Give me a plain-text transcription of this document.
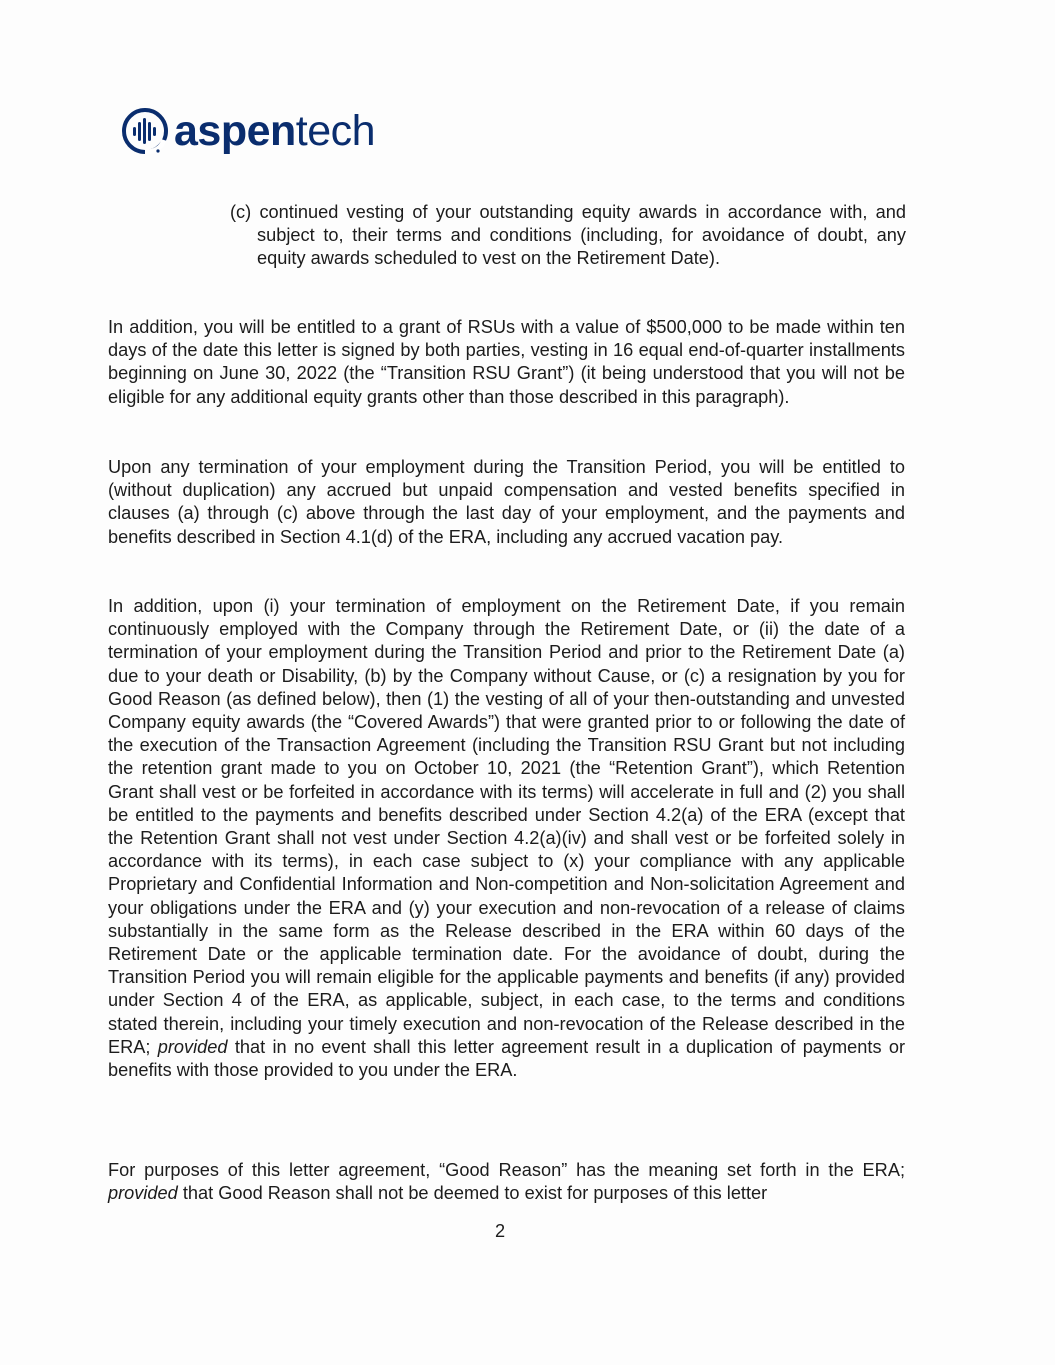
aspentech
(c) continued vesting of your outstanding equity awards in accordance with, and subject to, their terms and conditions (including, for avoidance of doubt, any equity awards scheduled to vest on the Retirement Date).
In addition, you will be entitled to a grant of RSUs with a value of $500,000 to be made within ten days of the date this letter is signed by both parties, vesting in 16 equal end-of-quarter installments beginning on June 30, 2022 (the “Transition RSU Grant”) (it being understood that you will not be eligible for any additional equity grants other than those described in this paragraph).
Upon any termination of your employment during the Transition Period, you will be entitled to (without duplication) any accrued but unpaid compensation and vested benefits specified in clauses (a) through (c) above through the last day of your employment, and the payments and benefits described in Section 4.1(d) of the ERA, including any accrued vacation pay.
In addition, upon (i) your termination of employment on the Retirement Date, if you remain continuously employed with the Company through the Retirement Date, or (ii) the date of a termination of your employment during the Transition Period and prior to the Retirement Date (a) due to your death or Disability, (b) by the Company without Cause, or (c) a resignation by you for Good Reason (as defined below), then (1) the vesting of all of your then-outstanding and unvested Company equity awards (the “Covered Awards”) that were granted prior to or following the date of the execution of the Transaction Agreement (including the Transition RSU Grant but not including the retention grant made to you on October 10, 2021 (the “Retention Grant”), which Retention Grant shall vest or be forfeited in accordance with its terms) will accelerate in full and (2) you shall be entitled to the payments and benefits described under Section 4.2(a) of the ERA (except that the Retention Grant shall not vest under Section 4.2(a)(iv) and shall vest or be forfeited solely in accordance with its terms), in each case subject to (x) your compliance with any applicable Proprietary and Confidential Information and Non-competition and Non-solicitation Agreement and your obligations under the ERA and (y) your execution and non-revocation of a release of claims substantially in the same form as the Release described in the ERA within 60 days of the Retirement Date or the applicable termination date. For the avoidance of doubt, during the Transition Period you will remain eligible for the applicable payments and benefits (if any) provided under Section 4 of the ERA, as applicable, subject, in each case, to the terms and conditions stated therein, including your timely execution and non-revocation of the Release described in the ERA; provided that in no event shall this letter agreement result in a duplication of payments or benefits with those provided to you under the ERA.
For purposes of this letter agreement, “Good Reason” has the meaning set forth in the ERA; provided that Good Reason shall not be deemed to exist for purposes of this letter
2
